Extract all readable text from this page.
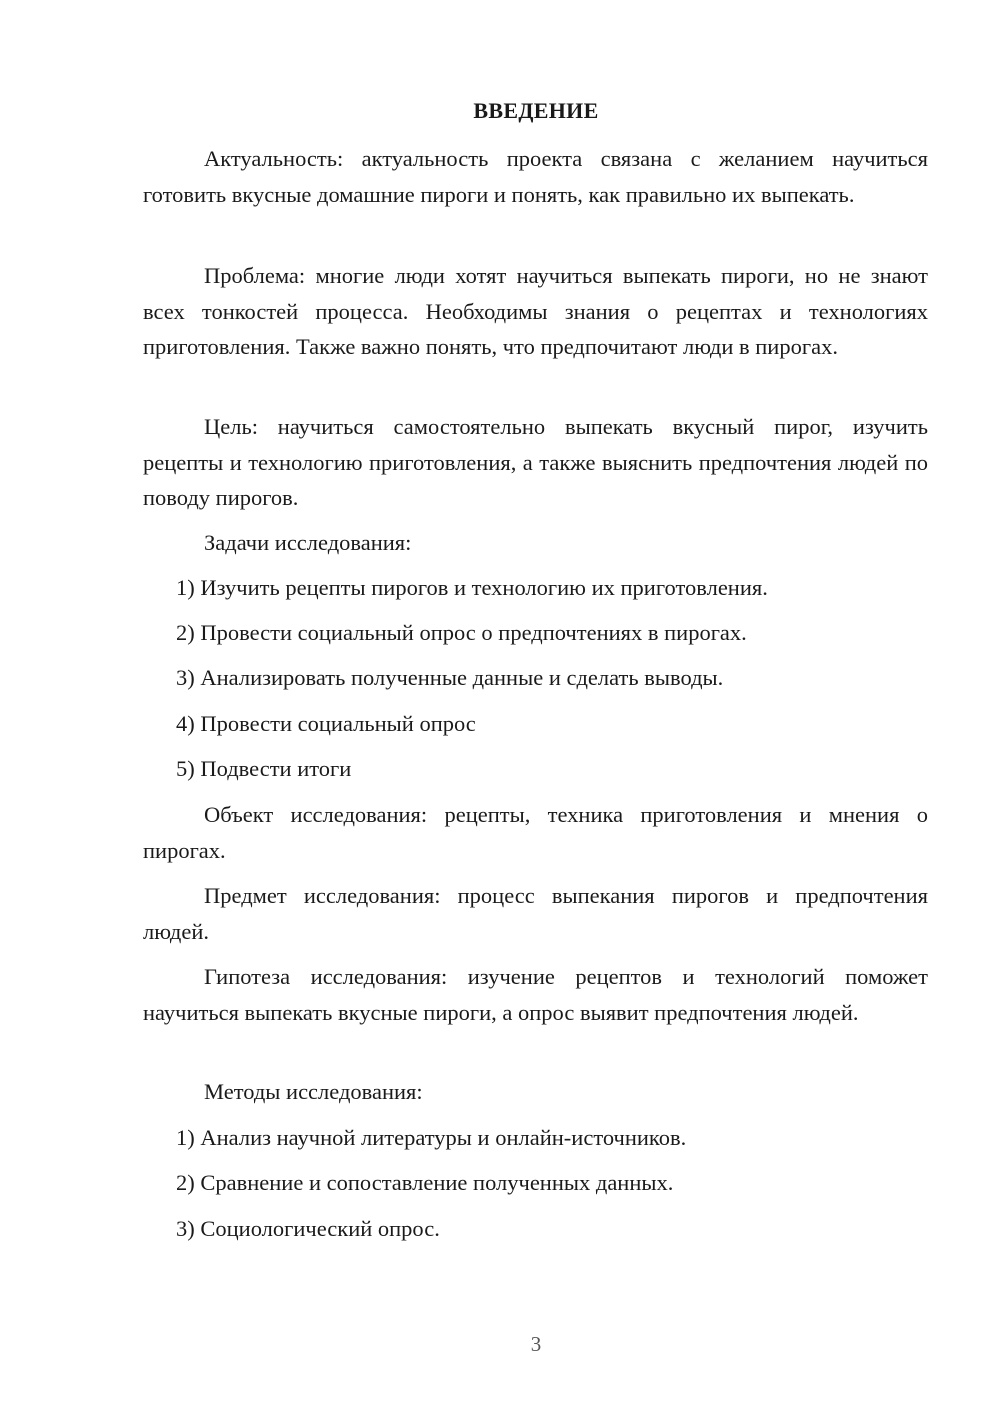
ВВЕДЕНИЕ

Актуальность: актуальность проекта связана с желанием научиться готовить вкусные домашние пироги и понять, как правильно их выпекать.

Проблема: многие люди хотят научиться выпекать пироги, но не знают всех тонкостей процесса. Необходимы знания о рецептах и технологиях приготовления. Также важно понять, что предпочитают люди в пирогах.

Цель: научиться самостоятельно выпекать вкусный пирог, изучить рецепты и технологию приготовления, а также выяснить предпочтения людей по поводу пирогов.

Задачи исследования:

1) Изучить рецепты пирогов и технологию их приготовления.

2) Провести социальный опрос о предпочтениях в пирогах.

3) Анализировать полученные данные и сделать выводы.

4) Провести социальный опрос

5) Подвести итоги

Объект исследования: рецепты, техника приготовления и мнения о пирогах.

Предмет исследования: процесс выпекания пирогов и предпочтения людей.

Гипотеза исследования: изучение рецептов и технологий поможет научиться выпекать вкусные пироги, а опрос выявит предпочтения людей.

Методы исследования:

1) Анализ научной литературы и онлайн-источников.

2) Сравнение и сопоставление полученных данных.

3) Социологический опрос.

3
